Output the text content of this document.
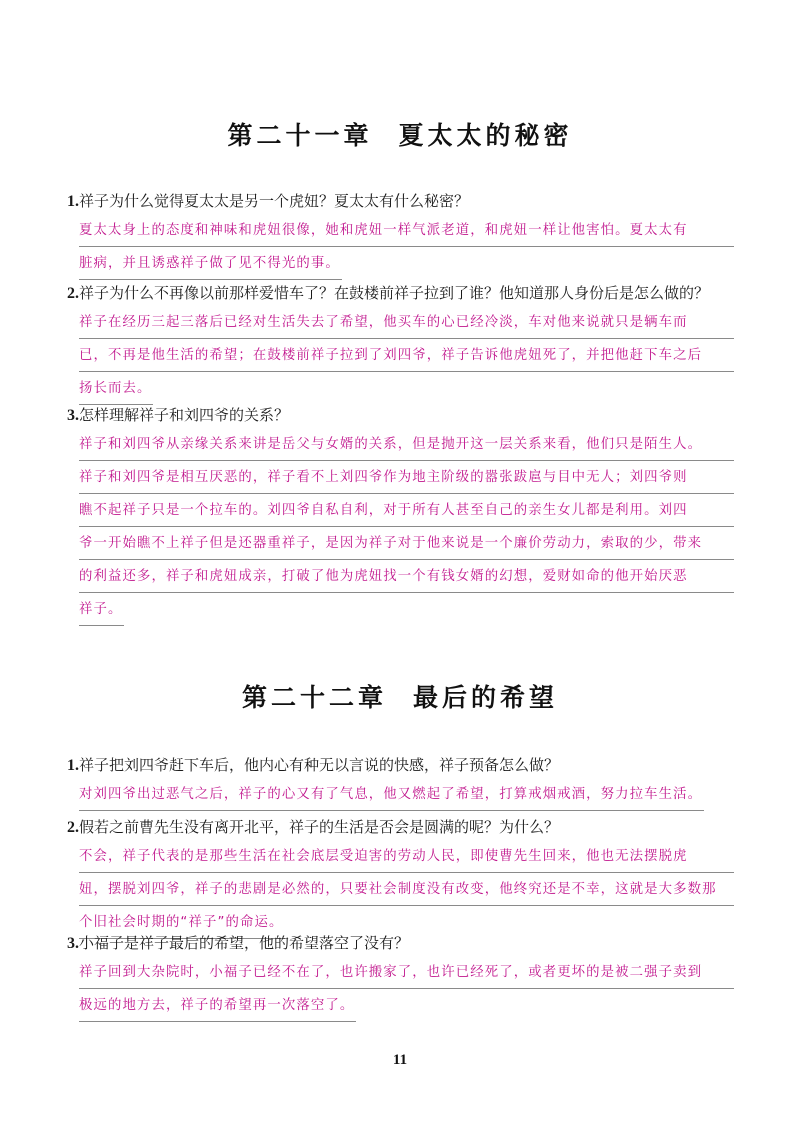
第二十一章 夏太太的秘密
1.祥子为什么觉得夏太太是另一个虎妞？夏太太有什么秘密？
夏太太身上的态度和神味和虎妞很像，她和虎妞一样气派老道，和虎妞一样让他害怕。夏太太有
脏病，并且诱惑祥子做了见不得光的事。
2.祥子为什么不再像以前那样爱惜车了？在鼓楼前祥子拉到了谁？他知道那人身份后是怎么做的？
祥子在经历三起三落后已经对生活失去了希望，他买车的心已经冷淡，车对他来说就只是辆车而
已，不再是他生活的希望；在鼓楼前祥子拉到了刘四爷，祥子告诉他虎妞死了，并把他赶下车之后
扬长而去。
3.怎样理解祥子和刘四爷的关系？
祥子和刘四爷从亲缘关系来讲是岳父与女婿的关系，但是抛开这一层关系来看，他们只是陌生人。
祥子和刘四爷是相互厌恶的，祥子看不上刘四爷作为地主阶级的嚣张跋扈与目中无人；刘四爷则
瞧不起祥子只是一个拉车的。刘四爷自私自利，对于所有人甚至自己的亲生女儿都是利用。刘四
爷一开始瞧不上祥子但是还器重祥子，是因为祥子对于他来说是一个廉价劳动力，索取的少，带来
的利益还多，祥子和虎妞成亲，打破了他为虎妞找一个有钱女婿的幻想，爱财如命的他开始厌恶
祥子。
第二十二章 最后的希望
1.祥子把刘四爷赶下车后，他内心有种无以言说的快感，祥子预备怎么做？
对刘四爷出过恶气之后，祥子的心又有了气息，他又燃起了希望，打算戒烟戒酒，努力拉车生活。
2.假若之前曹先生没有离开北平，祥子的生活是否会是圆满的呢？为什么？
不会，祥子代表的是那些生活在社会底层受迫害的劳动人民，即使曹先生回来，他也无法摆脱虎
妞，摆脱刘四爷，祥子的悲剧是必然的，只要社会制度没有改变，他终究还是不幸，这就是大多数那
个旧社会时期的“祥子”的命运。
3.小福子是祥子最后的希望，他的希望落空了没有？
祥子回到大杂院时，小福子已经不在了，也许搬家了，也许已经死了，或者更坏的是被二强子卖到
极远的地方去，祥子的希望再一次落空了。
11
